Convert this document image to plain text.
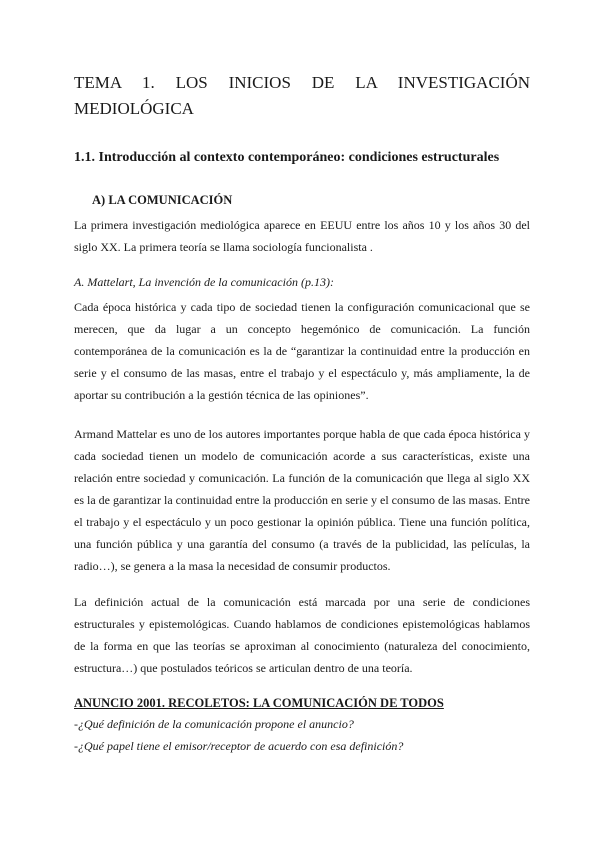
TEMA 1. LOS INICIOS DE LA INVESTIGACIÓN MEDIOLÓGICA
1.1. Introducción al contexto contemporáneo: condiciones estructurales
A) LA COMUNICACIÓN

La primera investigación mediológica aparece en EEUU entre los años 10 y los años 30 del siglo XX. La primera teoría se llama sociología funcionalista .

A. Mattelart, La invención de la comunicación (p.13):

Cada época histórica y cada tipo de sociedad tienen la configuración comunicacional que se merecen, que da lugar a un concepto hegemónico de comunicación. La función contemporánea de la comunicación es la de “garantizar la continuidad entre la producción en serie y el consumo de las masas, entre el trabajo y el espectáculo y, más ampliamente, la de aportar su contribución a la gestión técnica de las opiniones”.

Armand Mattelar es uno de los autores importantes porque habla de que cada época histórica y cada sociedad tienen un modelo de comunicación acorde a sus características, existe una relación entre sociedad y comunicación. La función de la comunicación que llega al siglo XX es la de garantizar la continuidad entre la producción en serie y el consumo de las masas. Entre el trabajo y el espectáculo y un poco gestionar la opinión pública. Tiene una función política, una función pública y una garantía del consumo (a través de la publicidad, las películas, la radio…), se genera a la masa la necesidad de consumir productos.

La definición actual de la comunicación está marcada por una serie de condiciones estructurales y epistemológicas. Cuando hablamos de condiciones epistemológicas hablamos de la forma en que las teorías se aproximan al conocimiento (naturaleza del conocimiento, estructura…) que postulados teóricos se articulan dentro de una teoría.

ANUNCIO 2001. RECOLETOS: LA COMUNICACIÓN DE TODOS

-¿Qué definición de la comunicación propone el anuncio?

-¿Qué papel tiene el emisor/receptor de acuerdo con esa definición?
